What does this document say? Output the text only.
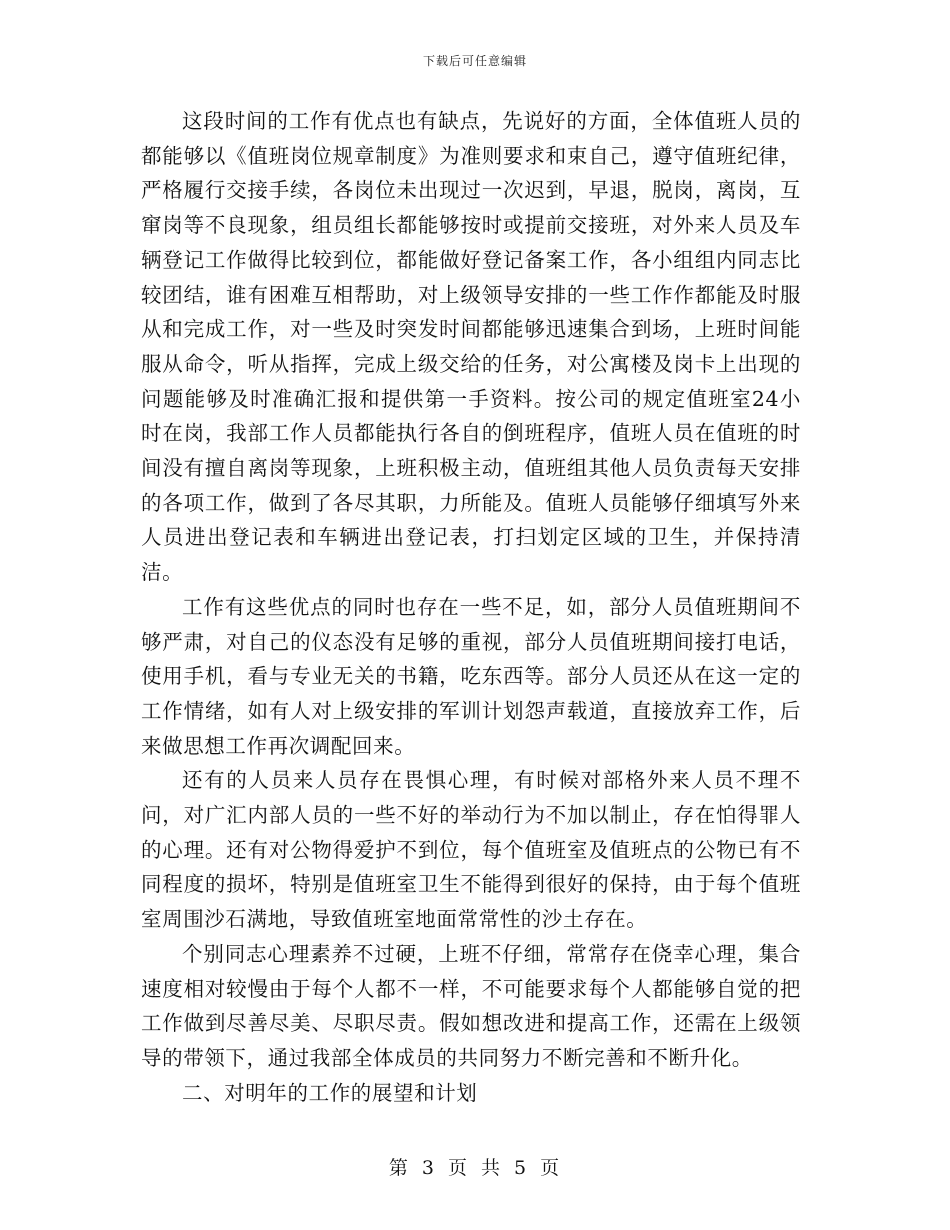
下载后可任意编辑

这段时间的工作有优点也有缺点，先说好的方面，全体值班人员的都能够以《值班岗位规章制度》为准则要求和束自己，遵守值班纪律，严格履行交接手续，各岗位未出现过一次迟到，早退，脱岗，离岗，互窜岗等不良现象，组员组长都能够按时或提前交接班，对外来人员及车辆登记工作做得比较到位，都能做好登记备案工作，各小组组内同志比较团结，谁有困难互相帮助，对上级领导安排的一些工作作都能及时服从和完成工作，对一些及时突发时间都能够迅速集合到场，上班时间能服从命令，听从指挥，完成上级交给的任务，对公寓楼及岗卡上出现的问题能够及时准确汇报和提供第一手资料。按公司的规定值班室24小时在岗，我部工作人员都能执行各自的倒班程序，值班人员在值班的时间没有擅自离岗等现象，上班积极主动，值班组其他人员负责每天安排的各项工作，做到了各尽其职，力所能及。值班人员能够仔细填写外来人员进出登记表和车辆进出登记表，打扫划定区域的卫生，并保持清洁。

工作有这些优点的同时也存在一些不足，如，部分人员值班期间不够严肃，对自己的仪态没有足够的重视，部分人员值班期间接打电话，使用手机，看与专业无关的书籍，吃东西等。部分人员还从在这一定的工作情绪，如有人对上级安排的军训计划怨声载道，直接放弃工作，后来做思想工作再次调配回来。

还有的人员来人员存在畏惧心理，有时候对部格外来人员不理不问，对广汇内部人员的一些不好的举动行为不加以制止，存在怕得罪人的心理。还有对公物得爱护不到位，每个值班室及值班点的公物已有不同程度的损坏，特别是值班室卫生不能得到很好的保持，由于每个值班室周围沙石满地，导致值班室地面常常性的沙土存在。

个别同志心理素养不过硬，上班不仔细，常常存在侥幸心理，集合速度相对较慢由于每个人都不一样，不可能要求每个人都能够自觉的把工作做到尽善尽美、尽职尽责。假如想改进和提高工作，还需在上级领导的带领下，通过我部全体成员的共同努力不断完善和不断升化。

二、对明年的工作的展望和计划

第 3 页 共 5 页
